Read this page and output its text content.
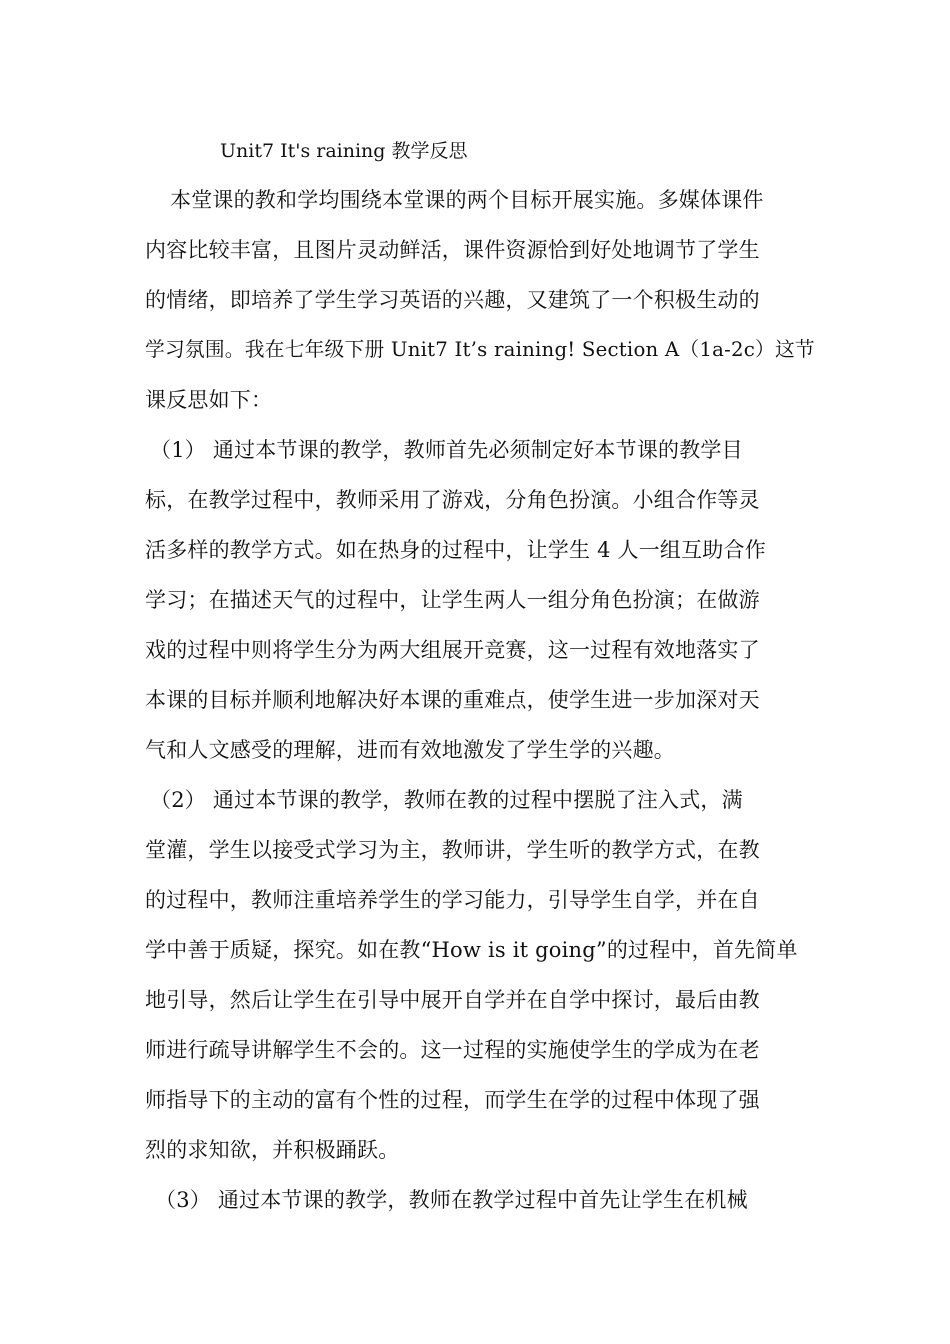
Unit7 It's raining 教学反思
本堂课的教和学均围绕本堂课的两个目标开展实施。多媒体课件
内容比较丰富，且图片灵动鲜活，课件资源恰到好处地调节了学生
的情绪，即培养了学生学习英语的兴趣，又建筑了一个积极生动的
学习氛围。我在七年级下册 Unit7 It’s raining! Section A（1a-2c）这节
课反思如下：
（1） 通过本节课的教学，教师首先必须制定好本节课的教学目
标，在教学过程中，教师采用了游戏，分角色扮演。小组合作等灵
活多样的教学方式。如在热身的过程中，让学生 4 人一组互助合作
学习；在描述天气的过程中，让学生两人一组分角色扮演；在做游
戏的过程中则将学生分为两大组展开竞赛，这一过程有效地落实了
本课的目标并顺利地解决好本课的重难点，使学生进一步加深对天
气和人文感受的理解，进而有效地激发了学生学的兴趣。
（2） 通过本节课的教学，教师在教的过程中摆脱了注入式，满
堂灌，学生以接受式学习为主，教师讲，学生听的教学方式，在教
的过程中，教师注重培养学生的学习能力，引导学生自学，并在自
学中善于质疑，探究。如在教“How is it going”的过程中，首先简单
地引导，然后让学生在引导中展开自学并在自学中探讨，最后由教
师进行疏导讲解学生不会的。这一过程的实施使学生的学成为在老
师指导下的主动的富有个性的过程，而学生在学的过程中体现了强
烈的求知欲，并积极踊跃。
（3） 通过本节课的教学，教师在教学过程中首先让学生在机械
